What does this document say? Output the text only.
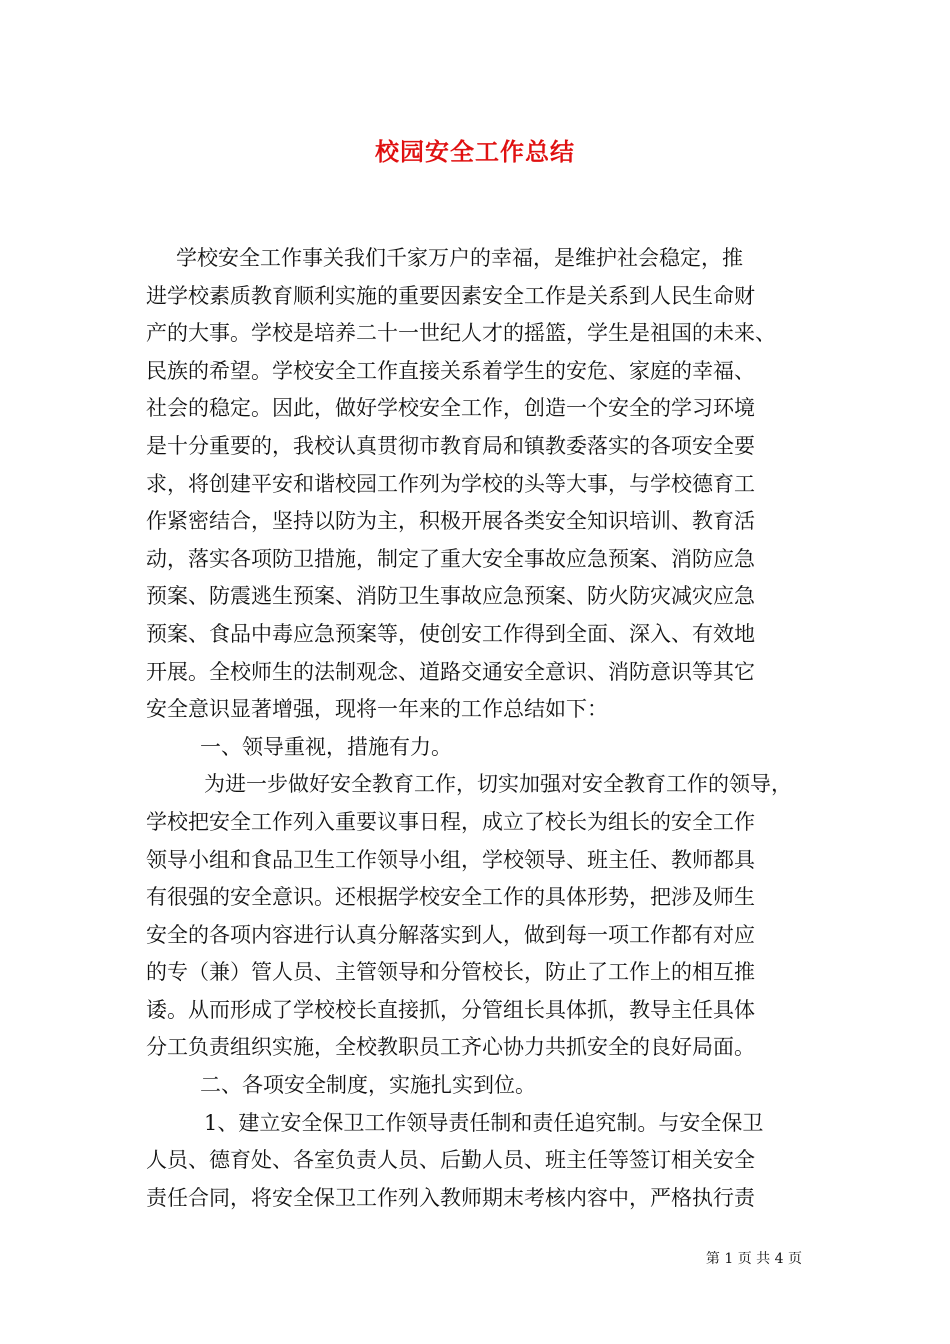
校园安全工作总结
学校安全工作事关我们千家万户的幸福，是维护社会稳定，推
进学校素质教育顺利实施的重要因素安全工作是关系到人民生命财
产的大事。学校是培养二十一世纪人才的摇篮，学生是祖国的未来、
民族的希望。学校安全工作直接关系着学生的安危、家庭的幸福、
社会的稳定。因此，做好学校安全工作，创造一个安全的学习环境
是十分重要的，我校认真贯彻市教育局和镇教委落实的各项安全要
求，将创建平安和谐校园工作列为学校的头等大事，与学校德育工
作紧密结合，坚持以防为主，积极开展各类安全知识培训、教育活
动，落实各项防卫措施，制定了重大安全事故应急预案、消防应急
预案、防震逃生预案、消防卫生事故应急预案、防火防灾减灾应急
预案、食品中毒应急预案等，使创安工作得到全面、深入、有效地
开展。全校师生的法制观念、道路交通安全意识、消防意识等其它
安全意识显著增强，现将一年来的工作总结如下：
一、领导重视，措施有力。
为进一步做好安全教育工作，切实加强对安全教育工作的领导，
学校把安全工作列入重要议事日程，成立了校长为组长的安全工作
领导小组和食品卫生工作领导小组，学校领导、班主任、教师都具
有很强的安全意识。还根据学校安全工作的具体形势，把涉及师生
安全的各项内容进行认真分解落实到人，做到每一项工作都有对应
的专（兼）管人员、主管领导和分管校长，防止了工作上的相互推
诿。从而形成了学校校长直接抓，分管组长具体抓，教导主任具体
分工负责组织实施，全校教职员工齐心协力共抓安全的良好局面。
二、各项安全制度，实施扎实到位。
1、建立安全保卫工作领导责任制和责任追究制。与安全保卫
人员、德育处、各室负责人员、后勤人员、班主任等签订相关安全
责任合同，将安全保卫工作列入教师期末考核内容中，严格执行责
第 1 页 共 4 页
